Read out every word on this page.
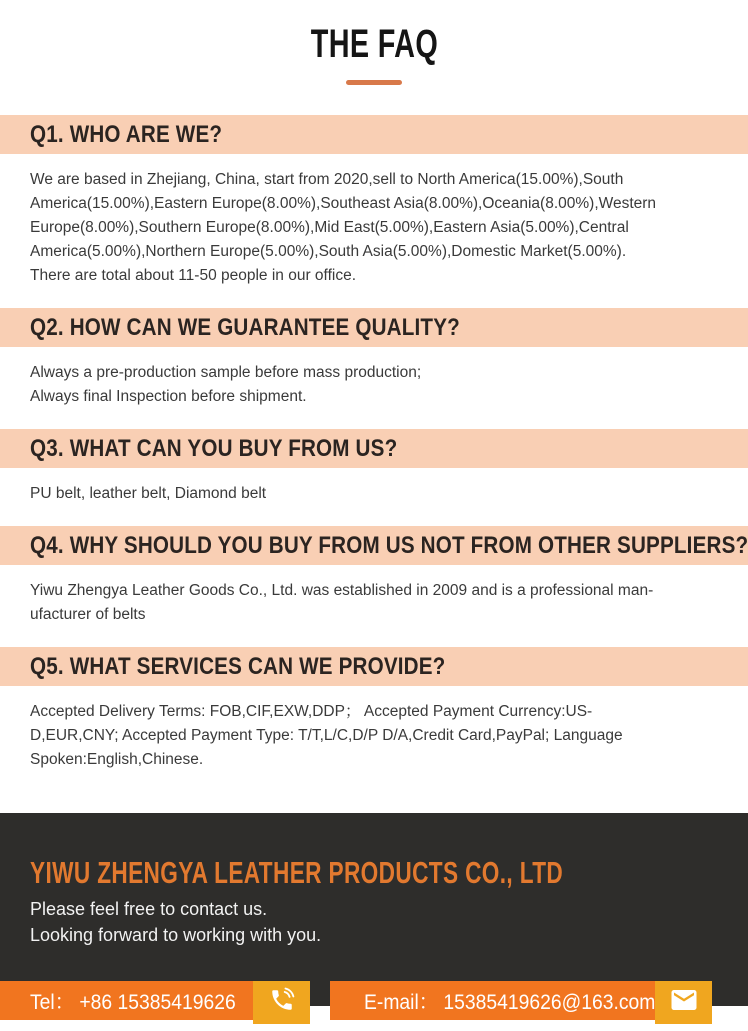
THE FAQ
Q1. WHO ARE WE?
We are based in Zhejiang, China, start from 2020,sell to North America(15.00%),South
America(15.00%),Eastern Europe(8.00%),Southeast Asia(8.00%),Oceania(8.00%),Western
Europe(8.00%),Southern Europe(8.00%),Mid East(5.00%),Eastern Asia(5.00%),Central
America(5.00%),Northern Europe(5.00%),South Asia(5.00%),Domestic Market(5.00%).
There are total about 11-50 people in our office.
Q2. HOW CAN WE GUARANTEE QUALITY?
Always a pre-production sample before mass production;
Always final Inspection before shipment.
Q3. WHAT CAN YOU BUY FROM US?
PU belt, leather belt, Diamond belt
Q4. WHY SHOULD YOU BUY FROM US NOT FROM OTHER SUPPLIERS?
Yiwu Zhengya Leather Goods Co., Ltd. was established in 2009 and is a professional man-
ufacturer of belts
Q5. WHAT SERVICES CAN WE PROVIDE?
Accepted Delivery Terms: FOB,CIF,EXW,DDP； Accepted Payment Currency:US-
D,EUR,CNY; Accepted Payment Type: T/T,L/C,D/P D/A,Credit Card,PayPal; Language
Spoken:English,Chinese.
YIWU ZHENGYA LEATHER PRODUCTS CO., LTD
Please feel free to contact us.
Looking forward to working with you.
Tel： +86 15385419626	E-mail： 15385419626@163.com
